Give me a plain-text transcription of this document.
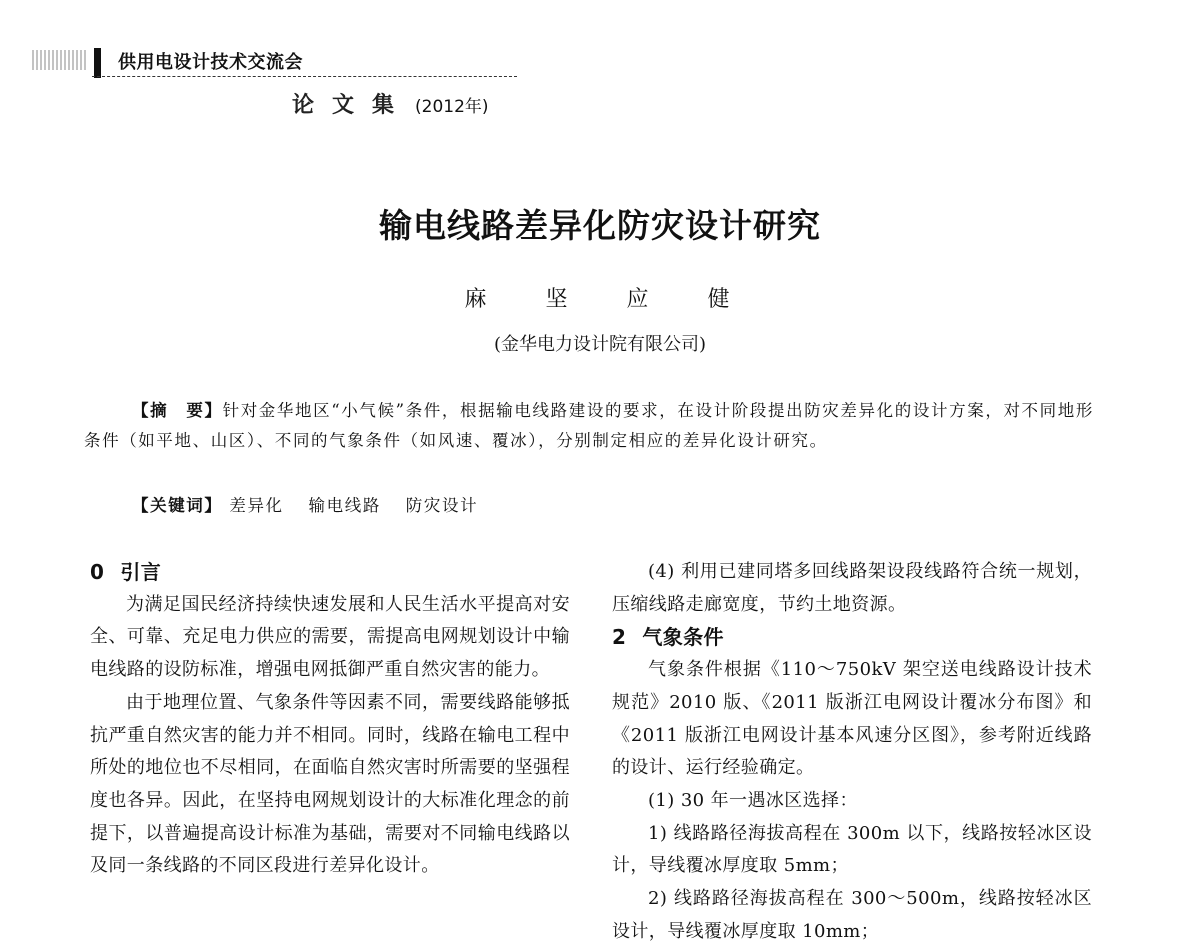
供用电设计技术交流会
论文集 (2012年)
输电线路差异化防灾设计研究
麻 坚 应 健
(金华电力设计院有限公司)
【摘　要】针对金华地区“小气候”条件，根据输电线路建设的要求，在设计阶段提出防灾差异化的设计方案，对不同地形条件（如平地、山区）、不同的气象条件（如风速、覆冰），分别制定相应的差异化设计研究。
【关键词】 差异化 输电线路 防灾设计
0 引言

为满足国民经济持续快速发展和人民生活水平提高对安全、可靠、充足电力供应的需要，需提高电网规划设计中输电线路的设防标准，增强电网抵御严重自然灾害的能力。

由于地理位置、气象条件等因素不同，需要线路能够抵抗严重自然灾害的能力并不相同。同时，线路在输电工程中所处的地位也不尽相同，在面临自然灾害时所需要的坚强程度也各异。因此，在坚持电网规划设计的大标准化理念的前提下，以普遍提高设计标准为基础，需要对不同输电线路以及同一条线路的不同区段进行差异化设计。

(4) 利用已建同塔多回线路架设段线路符合统一规划，压缩线路走廊宽度，节约土地资源。

2 气象条件

气象条件根据《110～750kV 架空送电线路设计技术规范》2010 版、《2011 版浙江电网设计覆冰分布图》和《2011 版浙江电网设计基本风速分区图》，参考附近线路的设计、运行经验确定。

(1) 30 年一遇冰区选择：

1) 线路路径海拔高程在 300m 以下，线路按轻冰区设计，导线覆冰厚度取 5mm；

2) 线路路径海拔高程在 300～500m，线路按轻冰区设计，导线覆冰厚度取 10mm；
